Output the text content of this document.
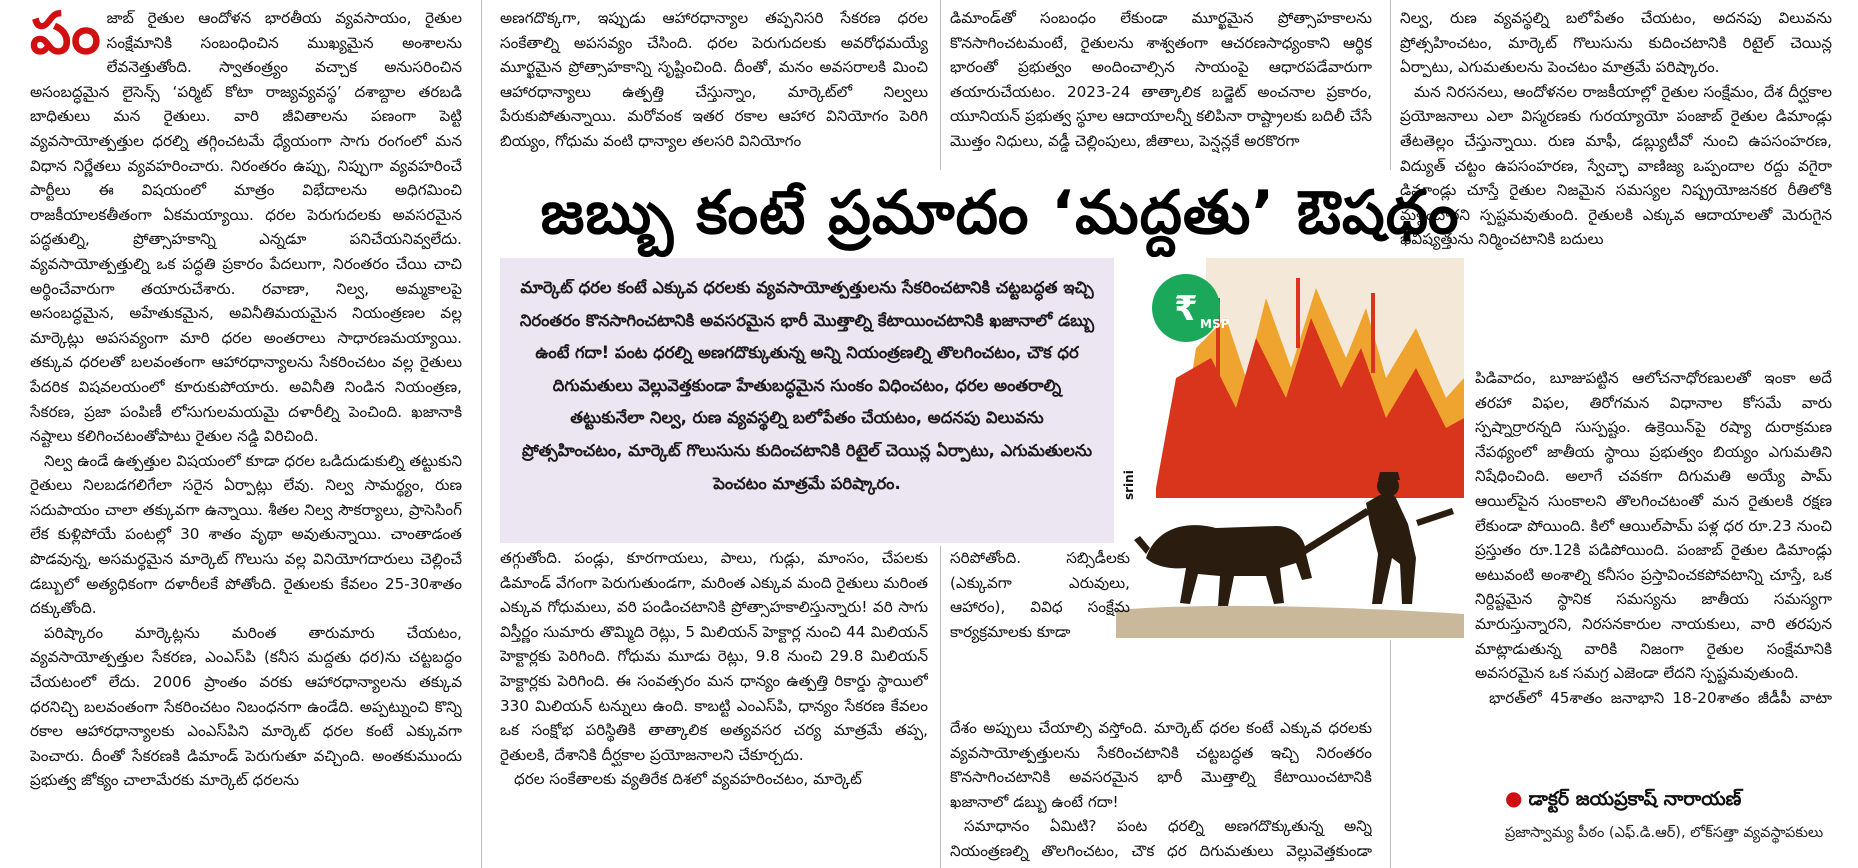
పం జాబ్‌ రైతుల ఆందోళన భారతీయ వ్యవసాయం, రైతుల సంక్షేమానికి సంబంధించిన ముఖ్యమైన అంశాలను లేవనెత్తుతోంది. స్వాతంత్ర్యం వచ్చాక అనుసరించిన అసంబద్ధమైన లైసెన్స్‌ ‘పర్మిట్‌ కోటా రాజ్యవ్యవస్థ’ దశాబ్దాల తరబడి బాధితులు మన రైతులు. వారి జీవితాలను పణంగా పెట్టి వ్యవసాయోత్పత్తుల ధరల్ని తగ్గించటమే ధ్యేయంగా సాగు రంగంలో మన విధాన నిర్ణేతలు వ్యవహరించారు. నిరంతరం ఉప్పు, నిప్పుగా వ్యవహరించే పార్టీలు ఈ విషయంలో మాత్రం విభేదాలను అధిగమించి రాజకీయాలకతీతంగా ఏకమయ్యాయి. ధరల పెరుగుదలకు అవసరమైన పద్ధతుల్ని, ప్రోత్సాహకాన్ని ఎన్నడూ పనిచేయనివ్వలేదు. వ్యవసాయోత్పత్తుల్ని ఒక పద్ధతి ప్రకారం పేదలుగా, నిరంతరం చేయి చాచి అర్థించేవారుగా తయారుచేశారు. రవాణా, నిల్వ, అమ్మకాలపై అసంబద్ధమైన, అహేతుకమైన, అవినీతిమయమైన నియంత్రణల వల్ల మార్కెట్లు అపసవ్యంగా మారి ధరల అంతరాలు సాధారణమయ్యాయి. తక్కువ ధరలతో బలవంతంగా ఆహారధాన్యాలను సేకరించటం వల్ల రైతులు పేదరిక విషవలయంలో కూరుకుపోయారు. అవినీతి నిండిన నియంత్రణ, సేకరణ, ప్రజా పంపిణీ లోసుగులమయమై దళారీల్ని పెంచింది. ఖజానాకి నష్టాలు కలిగించటంతోపాటు రైతుల నడ్డి విరిచింది.

నిల్వ ఉండే ఉత్పత్తుల విషయంలో కూడా ధరల ఒడిదుడుకుల్ని తట్టుకుని రైతులు నిలబడగలిగేలా సరైన ఏర్పాట్లు లేవు. నిల్వ సామర్థ్యం, రుణ సదుపాయం చాలా తక్కువగా ఉన్నాయి. శీతల నిల్వ సౌకర్యాలు, ప్రాసెసింగ్‌ లేక కుళ్లిపోయే పంటల్లో 30 శాతం వృథా అవుతున్నాయి. చాంతాడంత పొడవున్న, అసమర్థమైన మార్కెట్‌ గొలుసు వల్ల వినియోగదారులు చెల్లించే డబ్బులో అత్యధికంగా దళారీలకే పోతోంది. రైతులకు కేవలం 25-30శాతం దక్కుతోంది.

పరిష్కారం మార్కెట్లను మరింత తారుమారు చేయటం, వ్యవసాయోత్పత్తుల సేకరణ, ఎంఎస్‌పి (కనీస మద్దతు ధర)ను చట్టబద్ధం చేయటంలో లేదు. 2006 ప్రాంతం వరకు ఆహారధాన్యాలను తక్కువ ధరనిచ్చి బలవంతంగా సేకరించటం నిబంధనగా ఉండేది. అప్పట్నుంచి కొన్ని రకాల ఆహారధాన్యాలకు ఎంఎస్‌పిని మార్కెట్‌ ధరల కంటే ఎక్కువగా పెంచారు. దీంతో సేకరణకి డిమాండ్‌ పెరుగుతూ వచ్చింది. అంతకుముందు ప్రభుత్వ జోక్యం చాలామేరకు మార్కెట్‌ ధరలను

అణగదొక్కగా, ఇప్పుడు ఆహారధాన్యాల తప్పనిసరి సేకరణ ధరల సంకేతాల్ని అపసవ్యం చేసింది. ధరల పెరుగుదలకు అవరోధమయ్యే మూర్ఖమైన ప్రోత్సాహకాన్ని సృష్టించింది. దీంతో, మనం అవసరాలకి మించి ఆహారధాన్యాలు ఉత్పత్తి చేస్తున్నాం, మార్కెట్‌లో నిల్వలు పేరుకుపోతున్నాయి. మరోవంక ఇతర రకాల ఆహార వినియోగం పెరిగి బియ్యం, గోధుమ వంటి ధాన్యాల తలసరి వినియోగం

డిమాండ్‌తో సంబంధం లేకుండా మూర్ఖమైన ప్రోత్సాహకాలను కొనసాగించటమంటే, రైతులను శాశ్వతంగా ఆచరణసాధ్యంకాని ఆర్థిక భారంతో ప్రభుత్వం అందించాల్సిన సాయంపై ఆధారపడేవారుగా తయారుచేయటం. 2023-24 తాత్కాలిక బడ్జెట్‌ అంచనాల ప్రకారం, యూనియన్‌ ప్రభుత్వ స్థూల ఆదాయాలన్నీ కలిపినా రాష్ట్రాలకు బదిలీ చేసే మొత్తం నిధులు, వడ్డీ చెల్లింపులు, జీతాలు, పెన్షన్లకే అరకొరగా

నిల్వ, రుణ వ్యవస్థల్ని బలోపేతం చేయటం, అదనపు విలువను ప్రోత్సహించటం, మార్కెట్‌ గొలుసును కుదించటానికి రిటైల్‌ చెయిన్ల ఏర్పాటు, ఎగుమతులను పెంచటం మాత్రమే పరిష్కారం.

మన నిరసనలు, ఆందోళనల రాజకీయాల్లో రైతుల సంక్షేమం, దేశ దీర్ఘకాల ప్రయోజనాలు ఎలా విస్మరణకు గురయ్యాయో పంజాబ్‌ రైతుల డిమాండ్లు తేటతెల్లం చేస్తున్నాయి. రుణ మాఫీ, డబ్ల్యుటీవో నుంచి ఉపసంహరణ, విద్యుత్‌ చట్టం ఉపసంహరణ, స్వేచ్ఛా వాణిజ్య ఒప్పందాల రద్దు వగైరా డిమాండ్లు చూస్తే రైతుల నిజమైన సమస్యల నిష్ప్రయోజనకర రీతిలోకి మళ్లించారని స్పష్టమవుతుంది. రైతులకి ఎక్కువ ఆదాయాలతో మెరుగైన భవిష్యత్తును నిర్మించటానికి బదులు

జబ్బు కంటే ప్రమాదం ‘మద్దతు’ ఔషధం

మార్కెట్‌ ధరల కంటే ఎక్కువ ధరలకు వ్యవసాయోత్పత్తులను సేకరించటానికి చట్టబద్ధత ఇచ్చి నిరంతరం కొనసాగించటానికి అవసరమైన భారీ మొత్తాల్ని కేటాయించటానికి ఖజానాలో డబ్బు ఉంటే గదా! పంట ధరల్ని అణగదొక్కుతున్న అన్ని నియంత్రణల్ని తొలగించటం, చౌక ధర దిగుమతులు వెల్లువెత్తకుండా హేతుబద్ధమైన సుంకం విధించటం, ధరల అంతరాల్ని తట్టుకునేలా నిల్వ, రుణ వ్యవస్థల్ని బలోపేతం చేయటం, అదనపు విలువను ప్రోత్సహించటం, మార్కెట్‌ గొలుసును కుదించటానికి రిటైల్‌ చెయిన్ల ఏర్పాటు, ఎగుమతులను పెంచటం మాత్రమే పరిష్కారం.

₹ MSP
srini

తగ్గుతోంది. పండ్లు, కూరగాయలు, పాలు, గుడ్లు, మాంసం, చేపలకు డిమాండ్‌ వేగంగా పెరుగుతుండగా, మరింత ఎక్కువ మంది రైతులు మరింత ఎక్కువ గోధుమలు, వరి పండించటానికి ప్రోత్సాహకాలిస్తున్నారు! వరి సాగు విస్తీర్ణం సుమారు తొమ్మిది రెట్లు, 5 మిలియన్‌ హెక్టార్ల నుంచి 44 మిలియన్‌ హెక్టార్లకు పెరిగింది. గోధుమ మూడు రెట్లు, 9.8 నుంచి 29.8 మిలియన్‌ హెక్టార్లకు పెరిగింది. ఈ సంవత్సరం మన ధాన్యం ఉత్పత్తి రికార్డు స్థాయిలో 330 మిలియన్‌ టన్నులు ఉంది. కాబట్టి ఎంఎస్‌పి, ధాన్యం సేకరణ కేవలం ఒక సంక్షోభ పరిస్థితికి తాత్కాలిక అత్యవసర చర్య మాత్రమే తప్ప, రైతులకి, దేశానికి దీర్ఘకాల ప్రయోజనాలని చేకూర్చదు.

ధరల సంకేతాలకు వ్యతిరేక దిశలో వ్యవహరించటం, మార్కెట్‌

సరిపోతోంది. సబ్సిడీలకు (ఎక్కువగా ఎరువులు, ఆహారం), వివిధ సంక్షేమ కార్యక్రమాలకు కూడా

దేశం అప్పులు చేయాల్సి వస్తోంది. మార్కెట్‌ ధరల కంటే ఎక్కువ ధరలకు వ్యవసాయోత్పత్తులను సేకరించటానికి చట్టబద్ధత ఇచ్చి నిరంతరం కొనసాగించటానికి అవసరమైన భారీ మొత్తాల్ని కేటాయించటానికి ఖజానాలో డబ్బు ఉంటే గదా!

సమాధానం ఏమిటి? పంట ధరల్ని అణగదొక్కుతున్న అన్ని నియంత్రణల్ని తొలగించటం, చౌక ధర దిగుమతులు వెల్లువెత్తకుండా

పిడివాదం, బూజుపట్టిన ఆలోచనాధోరణులతో ఇంకా అదే తరహా విఫల, తిరోగమన విధానాల కోసమే వారు స్పష్నార్రారన్నది సుస్పష్టం. ఉక్రెయిన్‌పై రష్యా దురాక్రమణ నేపథ్యంలో జాతీయ స్థాయి ప్రభుత్వం బియ్యం ఎగుమతిని నిషేధించింది. అలాగే చవకగా దిగుమతి అయ్యే పామ్‌ ఆయిల్‌పైన సుంకాలని తొలగించటంతో మన రైతులకి రక్షణ లేకుండా పోయింది. కిలో ఆయిల్‌పామ్‌ పళ్ల ధర రూ.23 నుంచి ప్రస్తుతం రూ.12కి పడిపోయింది. పంజాబ్‌ రైతుల డిమాండ్లు అటువంటి అంశాల్ని కనీసం ప్రస్తావించకపోవటాన్ని చూస్తే, ఒక నిర్దిష్టమైన స్థానిక సమస్యను జాతీయ సమస్యగా మారుస్తున్నారని, నిరసనకారుల నాయకులు, వారి తరపున మాట్లాడుతున్న వారికి నిజంగా రైతుల సంక్షేమానికి అవసరమైన ఒక సమగ్ర ఎజెండా లేదని స్పష్టమవుతుంది.

భారత్‌లో 45శాతం జనాభాని 18-20శాతం జీడీపీ వాటా

● డాక్టర్‌ జయప్రకాష్‌ నారాయణ్‌
ప్రజాస్వామ్య పీఠం (ఎఫ్‌.డి.ఆర్‌), లోక్‌సత్తా వ్యవస్థాపకులు
